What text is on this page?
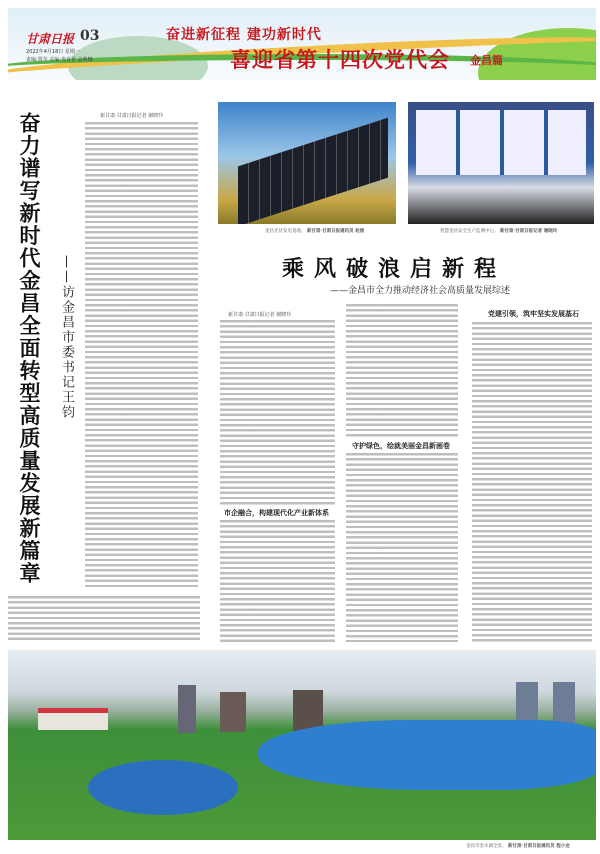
甘肃日报 03
2022年4月18日 星期一
责编:贾莹 美编:鸾喜喜 孟莉娜
奋进新征程 建功新时代
喜迎省第十四次党代会 金昌篇
奋力谱写新时代金昌全面转型高质量发展新篇章	——访金昌市委书记王钧
新甘肃·甘肃日报记者 谢晓玲
金昌光伏发电基地。 新甘肃·甘肃日报通讯员 赵刚	智慧金昌安全生产监测中心。 新甘肃·甘肃日报记者 谢晓玲
乘风破浪启新程
——金昌市全力推动经济社会高质量发展综述
新甘肃·甘肃日报记者 谢晓玲
市企融合，构建现代化产业新体系
守护绿色，绘就美丽金昌新画卷
党建引领，筑牢坚实发展基石
金昌市金水湖全景。 新甘肃·甘肃日报通讯员 程小龙
